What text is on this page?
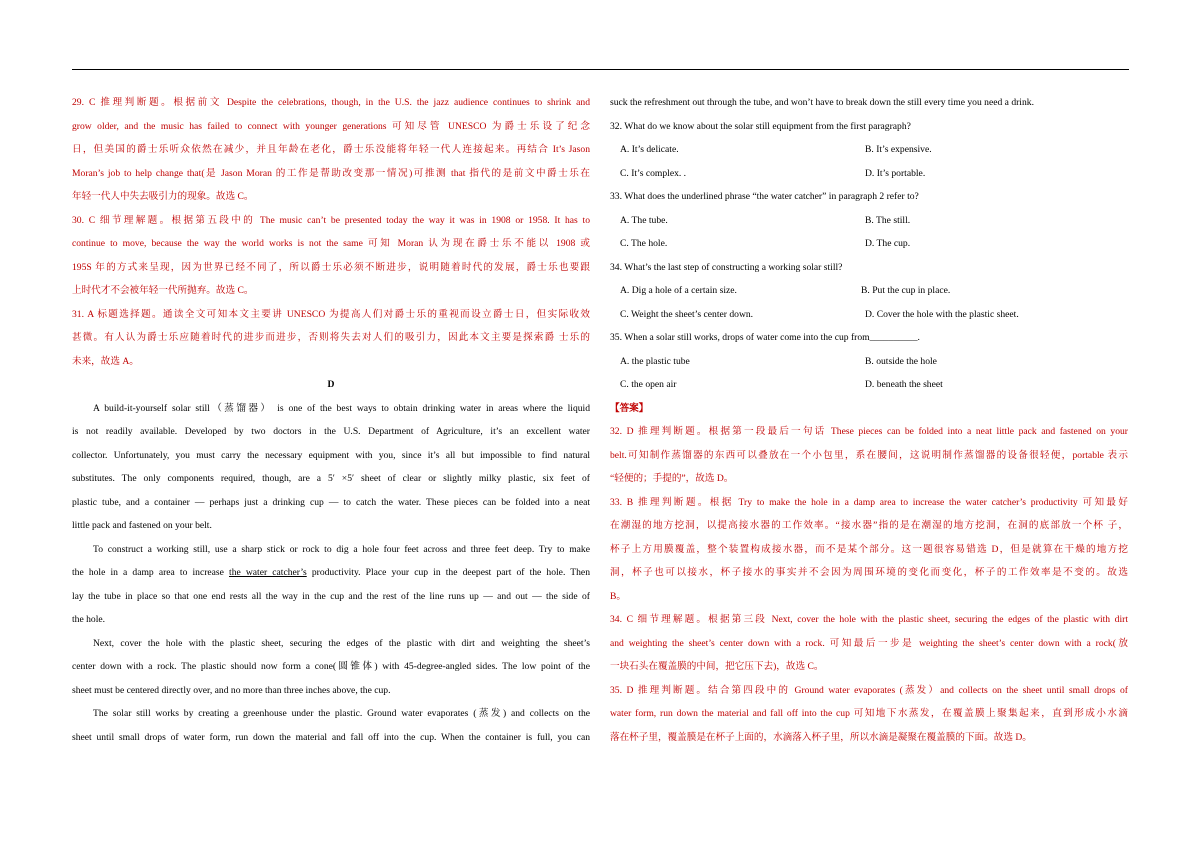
29. C 推理判断题。根据前文 Despite the celebrations, though, in the U.S. the jazz audience continues to shrink and
grow older, and the music has failed to connect with younger generations 可知尽管 UNESCO 为爵士乐设了纪念
日，但美国的爵士乐听众依然在减少，并且年龄在老化，爵士乐没能将年轻一代人连接起来。再结合 It’s Jason
Moran’s job to help change that(是 Jason Moran 的工作是帮助改变那一情况)可推测 that 指代的是前文中爵士乐在
年轻一代人中失去吸引力的现象。故选 C。
30. C 细节理解题。根据第五段中的 The music can’t be presented today the way it was in 1908 or 1958. It has to
continue to move, because the way the world works is not the same 可知 Moran 认为现在爵士乐不能以 1908 或
195S 年的方式来呈现，因为世界已经不同了，所以爵士乐必须不断进步，说明随着时代的发展，爵士乐也要跟
上时代才不会被年轻一代所抛弃。故选 C。
31. A 标题选择题。通读全文可知本文主要讲 UNESCO 为提高人们对爵士乐的重视而设立爵士日，但实际收效
甚微。有人认为爵士乐应随着时代的进步而进步，否则将失去对人们的吸引力，因此本文主要是探索爵 士乐的
未来，故选 A。
D
A build-it-yourself solar still（蒸馏器） is one of the best ways to obtain drinking water in areas where the liquid
is not readily available. Developed by two doctors in the U.S. Department of Agriculture, it’s an excellent water
collector. Unfortunately, you must carry the necessary equipment with you, since it’s all but impossible to find natural
substitutes. The only components required, though, are a 5′ ×5′ sheet of clear or slightly milky plastic, six feet of
plastic tube, and a container — perhaps just a drinking cup — to catch the water. These pieces can be folded into a neat
little pack and fastened on your belt.
To construct a working still, use a sharp stick or rock to dig a hole four feet across and three feet deep. Try to make
the hole in a damp area to increase the water catcher’s productivity. Place your cup in the deepest part of the hole. Then
lay the tube in place so that one end rests all the way in the cup and the rest of the line runs up — and out — the side of
the hole.
Next, cover the hole with the plastic sheet, securing the edges of the plastic with dirt and weighting the sheet’s
center down with a rock. The plastic should now form a cone(圆锥体) with 45-degree-angled sides. The low point of the
sheet must be centered directly over, and no more than three inches above, the cup.
The solar still works by creating a greenhouse under the plastic. Ground water evaporates (蒸发) and collects on the
sheet until small drops of water form, run down the material and fall off into the cup. When the container is full, you can
suck the refreshment out through the tube, and won’t have to break down the still every time you need a drink.
32. What do we know about the solar still equipment from the first paragraph?
A. It’s delicate.	B. It’s expensive.
C. It’s complex. .	D. It’s portable.
33. What does the underlined phrase “the water catcher” in paragraph 2 refer to?
A. The tube.	B. The still.
C. The hole.	D. The cup.
34. What’s the last step of constructing a working solar still?
A. Dig a hole of a certain size.	B. Put the cup in place.
C. Weight the sheet’s center down.	D. Cover the hole with the plastic sheet.
35. When a solar still works, drops of water come into the cup from__________.
A. the plastic tube	B. outside the hole
C. the open air	D. beneath the sheet
【答案】
32. D 推理判断题。根据第一段最后一句话 These pieces can be folded into a neat little pack and fastened on your
belt.可知制作蒸馏器的东西可以叠放在一个小包里，系在腰间，这说明制作蒸馏器的设备很轻便，portable 表示
“轻便的；手提的”，故选 D。
33. B 推理判断题。根据 Try to make the hole in a damp area to increase the water catcher’s productivity 可知最好
在潮湿的地方挖洞，以提高接水器的工作效率。“接水器”指的是在潮湿的地方挖洞，在洞的底部放一个杯 子，
杯子上方用膜覆盖，整个装置构成接水器，而不是某个部分。这一题很容易错选 D，但是就算在干燥的地方挖
洞，杯子也可以接水，杯子接水的事实并不会因为周围环境的变化而变化，杯子的工作效率是不变的。故选
B。
34. C 细节理解题。根据第三段 Next, cover the hole with the plastic sheet, securing the edges of the plastic with dirt
and weighting the sheet’s center down with a rock. 可知最后一步是 weighting the sheet’s center down with a rock(放
一块石头在覆盖膜的中间，把它压下去)，故选 C。
35. D 推理判断题。结合第四段中的 Ground water evaporates (蒸发）and collects on the sheet until small drops of
water form, run down the material and fall off into the cup 可知地下水蒸发，在覆盖膜上聚集起来，直到形成小水滴
落在杯子里，覆盖膜是在杯子上面的，水滴落入杯子里，所以水滴是凝聚在覆盖膜的下面。故选 D。
